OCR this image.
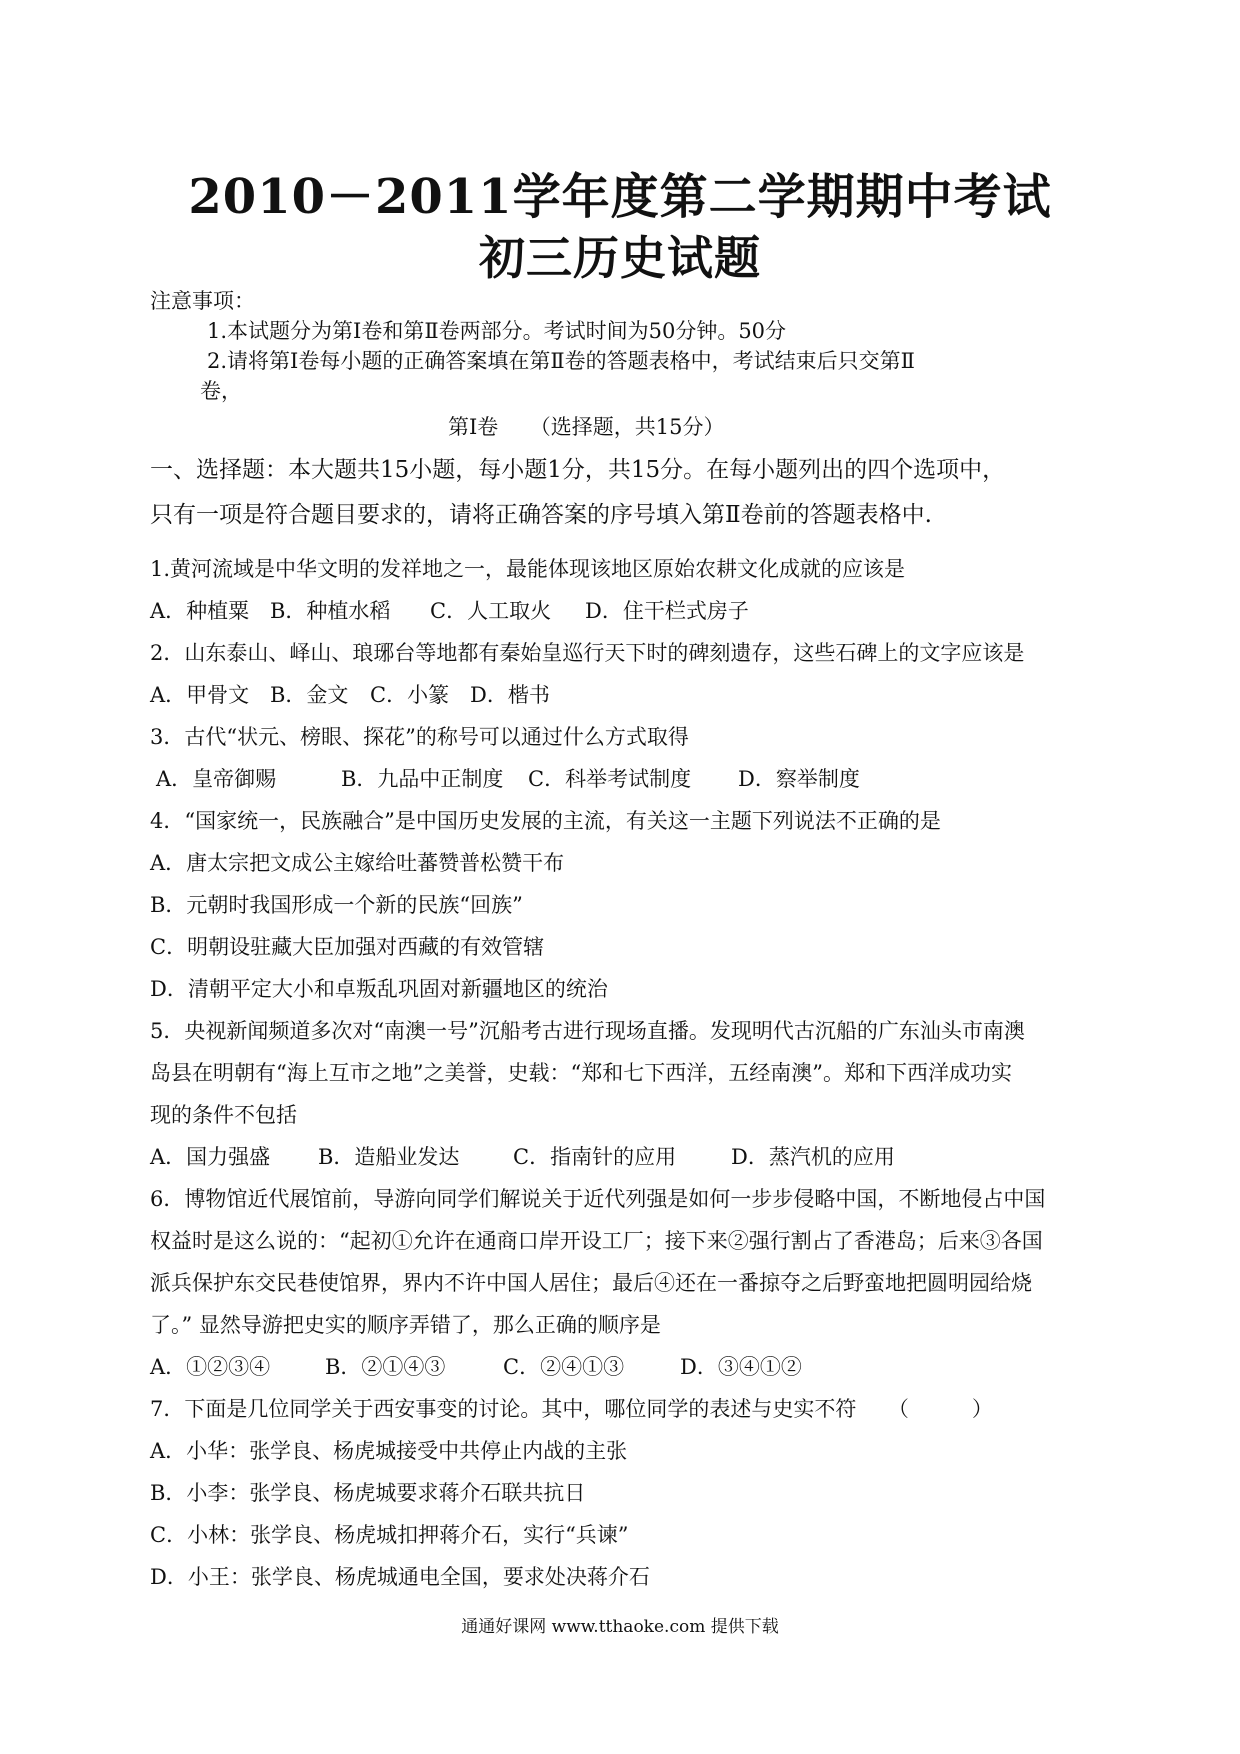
2010－2011学年度第二学期期中考试
初三历史试题
注意事项：
1.本试题分为第Ⅰ卷和第Ⅱ卷两部分。考试时间为50分钟。50分
2.请将第Ⅰ卷每小题的正确答案填在第Ⅱ卷的答题表格中，考试结束后只交第Ⅱ
卷，
第Ⅰ卷　　（选择题，共15分）
一、选择题：本大题共15小题，每小题1分，共15分。在每小题列出的四个选项中，
只有一项是符合题目要求的，请将正确答案的序号填入第Ⅱ卷前的答题表格中.
1.黄河流域是中华文明的发祥地之一，最能体现该地区原始农耕文化成就的应该是
A．种植粟 B．种植水稻	C．人工取火	D．住干栏式房子
2．山东泰山、峄山、琅琊台等地都有秦始皇巡行天下时的碑刻遗存，这些石碑上的文字应该是
A．甲骨文 B．金文	C．小篆 D．楷书
3．古代“状元、榜眼、探花”的称号可以通过什么方式取得
A．皇帝御赐	B．九品中正制度	C．科举考试制度	D．察举制度
4．“国家统一，民族融合”是中国历史发展的主流，有关这一主题下列说法不正确的是
A．唐太宗把文成公主嫁给吐蕃赞普松赞干布
B．元朝时我国形成一个新的民族“回族”
C．明朝设驻藏大臣加强对西藏的有效管辖
D．清朝平定大小和卓叛乱巩固对新疆地区的统治
5．央视新闻频道多次对“南澳一号”沉船考古进行现场直播。发现明代古沉船的广东汕头市南澳
岛县在明朝有“海上互市之地”之美誉，史载：“郑和七下西洋，五经南澳”。郑和下西洋成功实
现的条件不包括
A．国力强盛	B．造船业发达	C．指南针的应用	D．蒸汽机的应用
6．博物馆近代展馆前，导游向同学们解说关于近代列强是如何一步步侵略中国，不断地侵占中国
权益时是这么说的：“起初①允许在通商口岸开设工厂；接下来②强行割占了香港岛；后来③各国
派兵保护东交民巷使馆界，界内不许中国人居住；最后④还在一番掠夺之后野蛮地把圆明园给烧
了。” 显然导游把史实的顺序弄错了，那么正确的顺序是
A．①②③④	B．②①④③	C．②④①③	D．③④①②
7．下面是几位同学关于西安事变的讨论。其中，哪位同学的表述与史实不符　　（　　　）
A．小华：张学良、杨虎城接受中共停止内战的主张
B．小李：张学良、杨虎城要求蒋介石联共抗日
C．小林：张学良、杨虎城扣押蒋介石，实行“兵谏”
D．小王：张学良、杨虎城通电全国，要求处决蒋介石
通通好课网 www.tthaoke.com 提供下载
